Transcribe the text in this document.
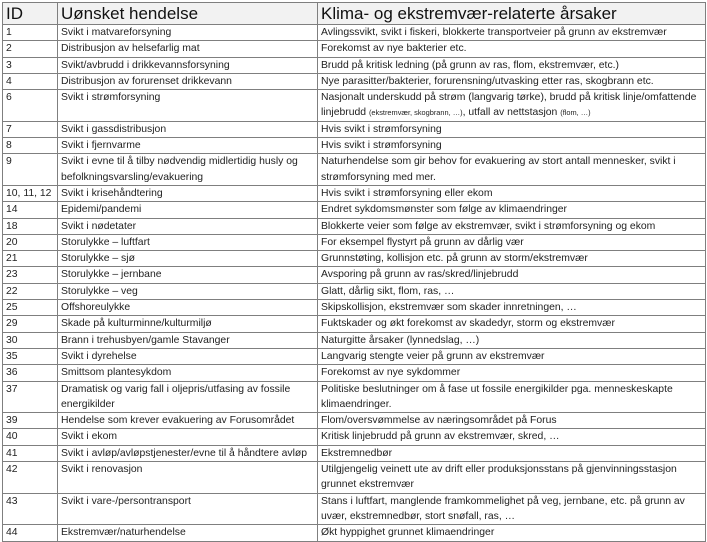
ID	Uønsket hendelse	Klima- og ekstremvær-relaterte årsaker
1	Svikt i matvareforsyning	Avlingssvikt, svikt i fiskeri, blokkerte transportveier på grunn av ekstremvær
2	Distribusjon av helsefarlig mat	Forekomst av nye bakterier etc.
3	Svikt/avbrudd i drikkevannsforsyning	Brudd på kritisk ledning (på grunn av ras, flom, ekstremvær, etc.)
4	Distribusjon av forurenset drikkevann	Nye parasitter/bakterier, forurensning/utvasking etter ras, skogbrann etc.
6	Svikt i strømforsyning	Nasjonalt underskudd på strøm (langvarig tørke), brudd på kritisk linje/omfattende linjebrudd (ekstremvær, skogbrann, …), utfall av nettstasjon (flom, …)
7	Svikt i gassdistribusjon	Hvis svikt i strømforsyning
8	Svikt i fjernvarme	Hvis svikt i strømforsyning
9	Svikt i evne til å tilby nødvendig midlertidig husly og befolkningsvarsling/evakuering	Naturhendelse som gir behov for evakuering av stort antall mennesker, svikt i strømforsyning med mer.
10, 11, 12	Svikt i krisehåndtering	Hvis svikt i strømforsyning eller ekom
14	Epidemi/pandemi	Endret sykdomsmønster som følge av klimaendringer
18	Svikt i nødetater	Blokkerte veier som følge av ekstremvær, svikt i strømforsyning og ekom
20	Storulykke – luftfart	For eksempel flystyrt på grunn av dårlig vær
21	Storulykke – sjø	Grunnstøting, kollisjon etc. på grunn av storm/ekstremvær
23	Storulykke – jernbane	Avsporing på grunn av ras/skred/linjebrudd
22	Storulykke – veg	Glatt, dårlig sikt, flom, ras, …
25	Offshoreulykke	Skipskollisjon, ekstremvær som skader innretningen, …
29	Skade på kulturminne/kulturmiljø	Fuktskader og økt forekomst av skadedyr, storm og ekstremvær
30	Brann i trehusbyen/gamle Stavanger	Naturgitte årsaker (lynnedslag, …)
35	Svikt i dyrehelse	Langvarig stengte veier på grunn av ekstremvær
36	Smittsom plantesykdom	Forekomst av nye sykdommer
37	Dramatisk og varig fall i oljepris/utfasing av fossile energikilder	Politiske beslutninger om å fase ut fossile energikilder pga. menneskeskapte klimaendringer.
39	Hendelse som krever evakuering av Forusområdet	Flom/oversvømmelse av næringsområdet på Forus
40	Svikt i ekom	Kritisk linjebrudd på grunn av ekstremvær, skred, …
41	Svikt i avløp/avløpstjenester/evne til å håndtere avløp	Ekstremnedbør
42	Svikt i renovasjon	Utilgjengelig veinett ute av drift eller produksjonsstans på gjenvinningsstasjon grunnet ekstremvær
43	Svikt i vare-/persontransport	Stans i luftfart, manglende framkommelighet på veg, jernbane, etc. på grunn av uvær, ekstremnedbør, stort snøfall, ras, …
44	Ekstremvær/naturhendelse	Økt hyppighet grunnet klimaendringer
